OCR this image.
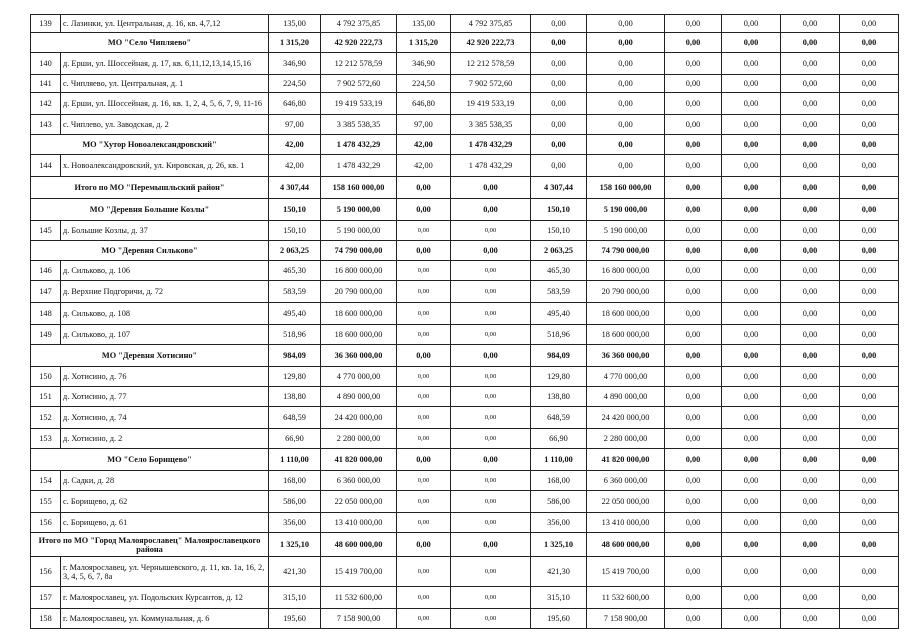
139	с. Лазинки, ул. Центральная, д. 16, кв. 4,7,12	135,00	4 792 375,85	135,00	4 792 375,85	0,00	0,00	0,00	0,00	0,00	0,00
МО "Село Чипляево"		1 315,20	42 920 222,73	1 315,20	42 920 222,73	0,00	0,00	0,00	0,00	0,00	0,00
140	д. Ерши, ул. Шоссейная, д. 17, кв. 6,11,12,13,14,15,16	346,90	12 212 578,59	346,90	12 212 578,59	0,00	0,00	0,00	0,00	0,00	0,00
141	с. Чипляево, ул. Центральная, д. 1	224,50	7 902 572,60	224,50	7 902 572,60	0,00	0,00	0,00	0,00	0,00	0,00
142	д. Ерши, ул. Шоссейная, д. 16, кв. 1, 2, 4, 5, 6, 7, 9, 11-16	646,80	19 419 533,19	646,80	19 419 533,19	0,00	0,00	0,00	0,00	0,00	0,00
143	с. Чиплево, ул. Заводская, д. 2	97,00	3 385 538,35	97,00	3 385 538,35	0,00	0,00	0,00	0,00	0,00	0,00
МО "Хутор Новоалександровский"		42,00	1 478 432,29	42,00	1 478 432,29	0,00	0,00	0,00	0,00	0,00	0,00
144	х. Новоалександровский, ул. Кировская, д. 26, кв. 1	42,00	1 478 432,29	42,00	1 478 432,29	0,00	0,00	0,00	0,00	0,00	0,00
Итого по МО "Перемышльский район"		4 307,44	158 160 000,00	0,00	0,00	4 307,44	158 160 000,00	0,00	0,00	0,00	0,00
МО "Деревня Большие Козлы"		150,10	5 190 000,00	0,00	0,00	150,10	5 190 000,00	0,00	0,00	0,00	0,00
145	д. Большие Козлы, д. 37	150,10	5 190 000,00	0,00	0,00	150,10	5 190 000,00	0,00	0,00	0,00	0,00
МО "Деревня Сильково"		2 063,25	74 790 000,00	0,00	0,00	2 063,25	74 790 000,00	0,00	0,00	0,00	0,00
146	д. Сильково, д. 106	465,30	16 800 000,00	0,00	0,00	465,30	16 800 000,00	0,00	0,00	0,00	0,00
147	д. Верхние Подгоричи, д. 72	583,59	20 790 000,00	0,00	0,00	583,59	20 790 000,00	0,00	0,00	0,00	0,00
148	д. Сильково, д. 108	495,40	18 600 000,00	0,00	0,00	495,40	18 600 000,00	0,00	0,00	0,00	0,00
149	д. Сильково, д. 107	518,96	18 600 000,00	0,00	0,00	518,96	18 600 000,00	0,00	0,00	0,00	0,00
МО "Деревня Хотисино"		984,09	36 360 000,00	0,00	0,00	984,09	36 360 000,00	0,00	0,00	0,00	0,00
150	д. Хотисино, д. 76	129,80	4 770 000,00	0,00	0,00	129,80	4 770 000,00	0,00	0,00	0,00	0,00
151	д. Хотисино, д. 77	138,80	4 890 000,00	0,00	0,00	138,80	4 890 000,00	0,00	0,00	0,00	0,00
152	д. Хотисино, д. 74	648,59	24 420 000,00	0,00	0,00	648,59	24 420 000,00	0,00	0,00	0,00	0,00
153	д. Хотисино, д. 2	66,90	2 280 000,00	0,00	0,00	66,90	2 280 000,00	0,00	0,00	0,00	0,00
МО "Село Борищево"		1 110,00	41 820 000,00	0,00	0,00	1 110,00	41 820 000,00	0,00	0,00	0,00	0,00
154	д. Садки, д. 28	168,00	6 360 000,00	0,00	0,00	168,00	6 360 000,00	0,00	0,00	0,00	0,00
155	с. Борищево, д. 62	586,00	22 050 000,00	0,00	0,00	586,00	22 050 000,00	0,00	0,00	0,00	0,00
156	с. Борищево, д. 61	356,00	13 410 000,00	0,00	0,00	356,00	13 410 000,00	0,00	0,00	0,00	0,00
Итого по МО "Город Малоярославец" Малоярославецкого района		1 325,10	48 600 000,00	0,00	0,00	1 325,10	48 600 000,00	0,00	0,00	0,00	0,00
156	г. Малоярославец, ул. Чернышевского, д. 11, кв. 1а, 16, 2, 3, 4, 5, 6, 7, 8а	421,30	15 419 700,00	0,00	0,00	421,30	15 419 700,00	0,00	0,00	0,00	0,00
157	г. Малоярославец, ул. Подольских Курсантов, д. 12	315,10	11 532 600,00	0,00	0,00	315,10	11 532 600,00	0,00	0,00	0,00	0,00
158	г. Малоярославец, ул. Коммунальная, д. 6	195,60	7 158 900,00	0,00	0,00	195,60	7 158 900,00	0,00	0,00	0,00	0,00
